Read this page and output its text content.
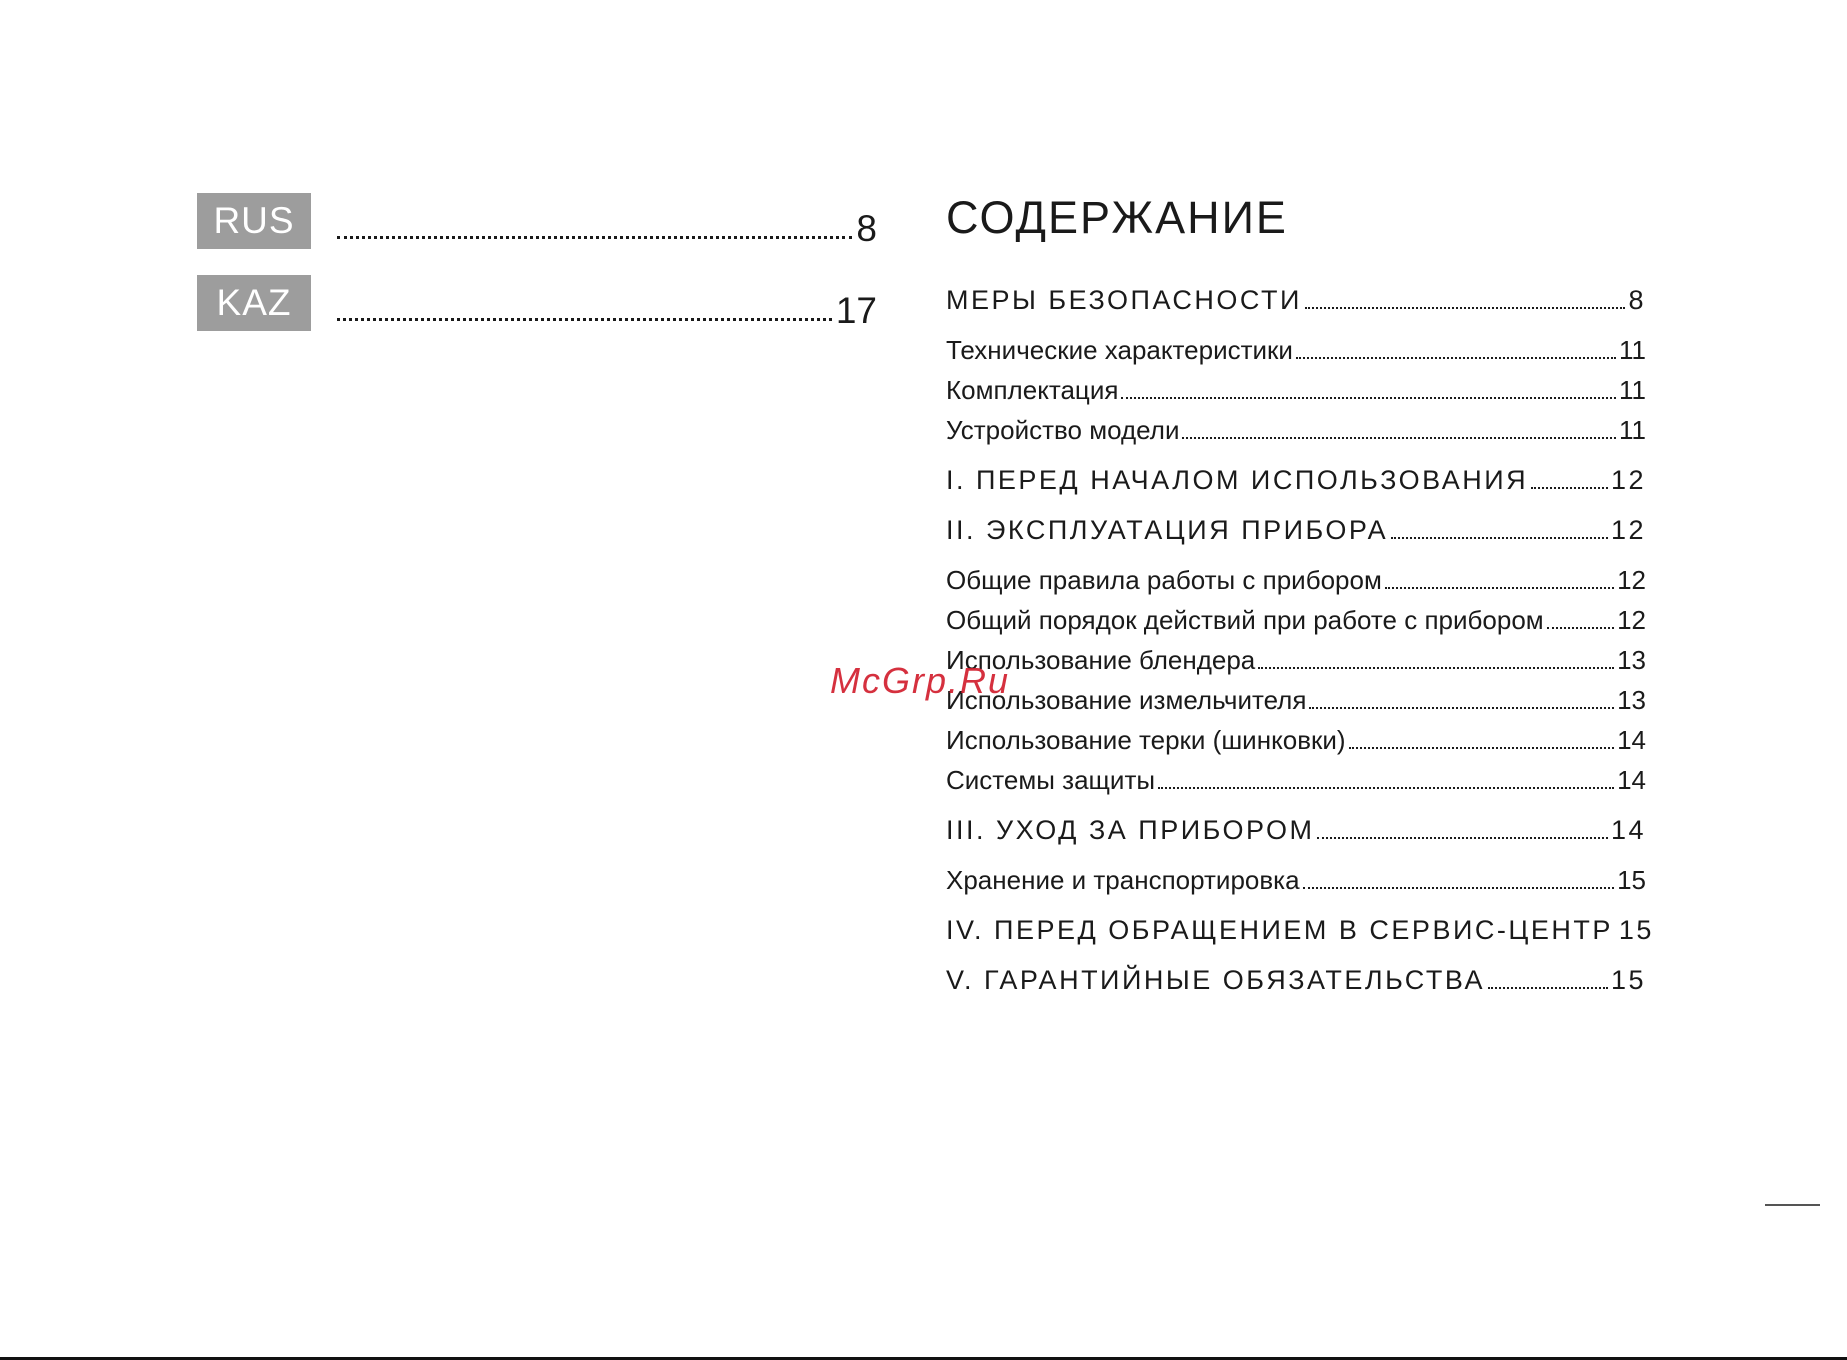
RUS	8
KAZ	17
СОДЕРЖАНИЕ
МЕРЫ БЕЗОПАСНОСТИ	8
Технические характеристики	11
Комплектация	11
Устройство модели	11
I. ПЕРЕД НАЧАЛОМ ИСПОЛЬЗОВАНИЯ	12
II. ЭКСПЛУАТАЦИЯ ПРИБОРА	12
Общие правила работы с прибором	12
Общий порядок действий при работе с прибором	12
Использование блендера	13
Использование измельчителя	13
Использование терки (шинковки)	14
Системы защиты	14
III. УХОД ЗА ПРИБОРОМ	14
Хранение и транспортировка	15
IV. ПЕРЕД ОБРАЩЕНИЕМ В СЕРВИС-ЦЕНТР 15
V. ГАРАНТИЙНЫЕ ОБЯЗАТЕЛЬСТВА	15
McGrp.Ru
